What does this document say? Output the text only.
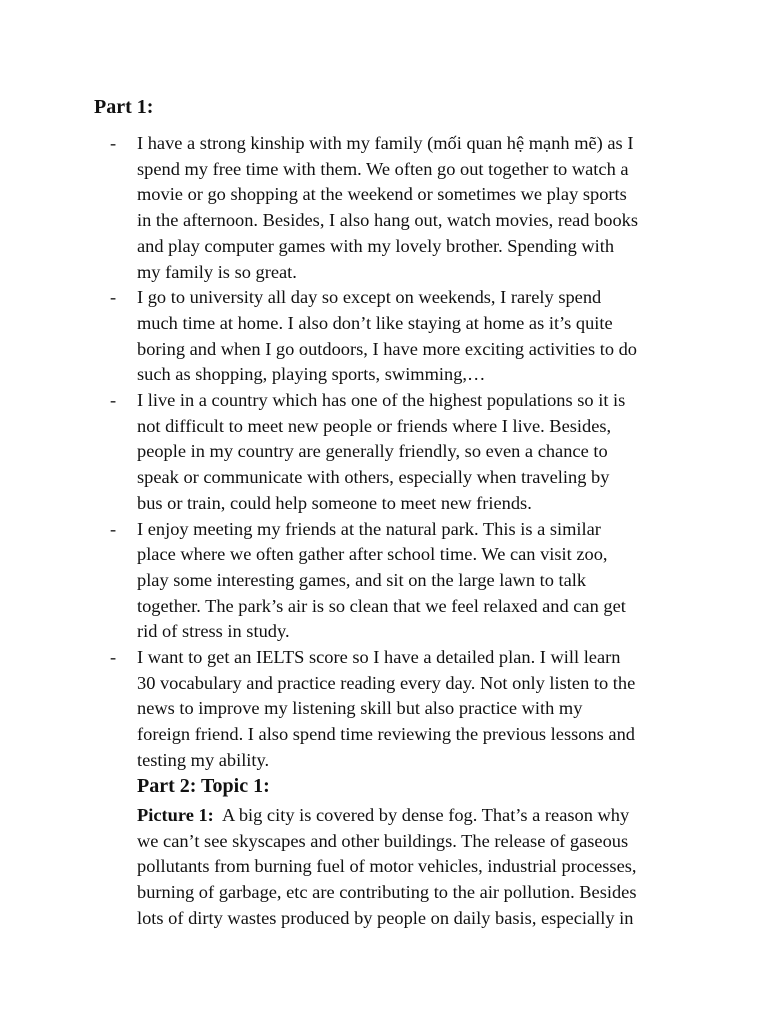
Part 1:
-	I have a strong kinship with my family (mối quan hệ mạnh mẽ) as I
spend my free time with them. We often go out together to watch a
movie or go shopping at the weekend or sometimes we play sports
in the afternoon. Besides, I also hang out, watch movies, read books
and play computer games with my lovely brother. Spending with
my family is so great.
-	I go to university all day so except on weekends, I rarely spend
much time at home. I also don’t like staying at home as it’s quite
boring and when I go outdoors, I have more exciting activities to do
such as shopping, playing sports, swimming,…
-	I live in a country which has one of the highest populations so it is
not difficult to meet new people or friends where I live. Besides,
people in my country are generally friendly, so even a chance to
speak or communicate with others, especially when traveling by
bus or train, could help someone to meet new friends.
-	I enjoy meeting my friends at the natural park. This is a similar
place where we often gather after school time. We can visit zoo,
play some interesting games, and sit on the large lawn to talk
together. The park’s air is so clean that we feel relaxed and can get
rid of stress in study.
-	I want to get an IELTS score so I have a detailed plan. I will learn
30 vocabulary and practice reading every day. Not only listen to the
news to improve my listening skill but also practice with my
foreign friend. I also spend time reviewing the previous lessons and
testing my ability.
Part 2: Topic 1:

Picture 1:  A big city is covered by dense fog. That’s a reason why
we can’t see skyscapes and other buildings. The release of gaseous
pollutants from burning fuel of motor vehicles, industrial processes,
burning of garbage, etc are contributing to the air pollution. Besides
lots of dirty wastes produced by people on daily basis, especially in
